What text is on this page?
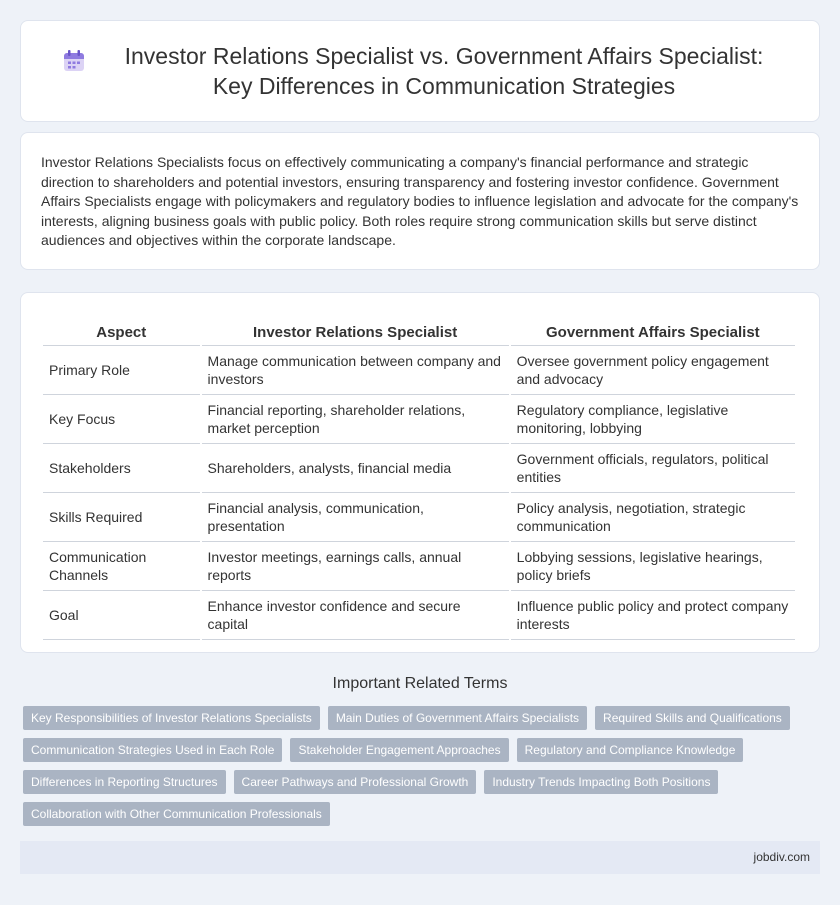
Investor Relations Specialist vs. Government Affairs Specialist: Key Differences in Communication Strategies

Investor Relations Specialists focus on effectively communicating a company's financial performance and strategic direction to shareholders and potential investors, ensuring transparency and fostering investor confidence. Government Affairs Specialists engage with policymakers and regulatory bodies to influence legislation and advocate for the company's interests, aligning business goals with public policy. Both roles require strong communication skills but serve distinct audiences and objectives within the corporate landscape.

Aspect	Investor Relations Specialist	Government Affairs Specialist
Primary Role	Manage communication between company and investors	Oversee government policy engagement and advocacy
Key Focus	Financial reporting, shareholder relations, market perception	Regulatory compliance, legislative monitoring, lobbying
Stakeholders	Shareholders, analysts, financial media	Government officials, regulators, political entities
Skills Required	Financial analysis, communication, presentation	Policy analysis, negotiation, strategic communication
Communication Channels	Investor meetings, earnings calls, annual reports	Lobbying sessions, legislative hearings, policy briefs
Goal	Enhance investor confidence and secure capital	Influence public policy and protect company interests
Important Related Terms
Key Responsibilities of Investor Relations Specialists	Main Duties of Government Affairs Specialists	Required Skills and Qualifications
Communication Strategies Used in Each Role	Stakeholder Engagement Approaches	Regulatory and Compliance Knowledge
Differences in Reporting Structures	Career Pathways and Professional Growth	Industry Trends Impacting Both Positions
Collaboration with Other Communication Professionals
jobdiv.com
